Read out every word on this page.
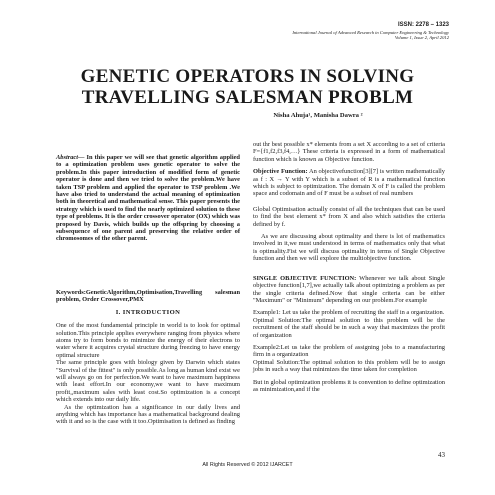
ISSN: 2278 – 1323
International Journal of Advanced Research in Computer Engineering & Technology
Volume 1, Issue 2, April 2012
GENETIC OPERATORS IN SOLVING
TRAVELLING SALESMAN PROBLM
Nisha Ahuja¹, Manisha Dawra ²

Abstract— In this paper we will see that genetic algorithm applied to a optimization problem uses genetic operator to solve the problem.In this paper introduction of modified form of genetic operator is done and then we tried to solve the problem.We have taken TSP problem and applied the operator to TSP problem .We have also tried to understand the actual meaning of optimization both in theoretical and mathematical sense. This paper presents the strategy which is used to find the nearly optimized solution to these type of problems. It is the order crossover operator (OX) which was proposed by Davis, which builds up the offspring by choosing a subsequence of one parent and preserving the relative order of chromosomes of the other parent.

Keywords:GeneticAlgorithm,Optimisation,Travelling salesman problem, Order Crossover,PMX

I. INTRODUCTION

One of the most fundamental principle in world is to look for optimal solution.This principle applies everywhere ranging from physics where atoms try to form bonds to minimize the energy of their electrons to water where it acquires crystal structure during freezing to have energy optimal structure

The same principle goes with biology given by Darwin which states "Survival of the fittest" is only possible.As long as human kind exist we will always go on for perfection.We want to have maximum happiness with least effort.In our economy,we want to have maximum profit,,maximum sales with least cost.So optimization is a concept which extends into our daily life.

As the optimization has a significance in our daily lives and anything which has importance has a mathematical background dealing with it and so is the case with it too.Optimisation is defined as finding

out thr best possible x* elements from a set X according to a set of criteria F={f1,f2,f3,f4,…} These criteria is expressed in a form of mathematical function which is known as Objective function.

Objective Function: An objectivefunction[3][7] is written mathematically as f : X → Y with Y which is a subset of R is a mathematical function which is subject to optimization. The domain X of F is called the problem space and codomain and of F must be a subset of real numbers

Global Optimisation actually consist of all the techniques that can be used to find the best element x* from X and also which satisfies the criteria defined by f.

As we are discussing about optimality and there is lot of mathematics involved in it,we must understood in terms of mathematics only that what is optimality.Fist we will discuss optimality in terms of Single Objective function and then we will explore the multiobjective function.

SINGLE OBJECTIVE FUNCTION: Whenever we talk about Single objective function[1,7],we actually talk about optimizing a problem as per the single criteria defined.Now that single criteria can be either "Maximum" or "Minimum" depending on our problem.For example

Example1: Let us take the problem of recruiting the staff in a organization.

Optimal Solution:The optimal solution to this problem will be the recruitment of the staff should be in such a way that maximizes the profit of organization

Example2:Let us take the problem of assigning jobs to a manufacturing firm in a organization

Optimal Solution:The optimal solution to this problem will be to assign jobs in such a way that minimizes the time taken for completion

But in global optimization problems it is convention to define optimization as minimization,and if the

43
All Rights Reserved © 2012 IJARCET
